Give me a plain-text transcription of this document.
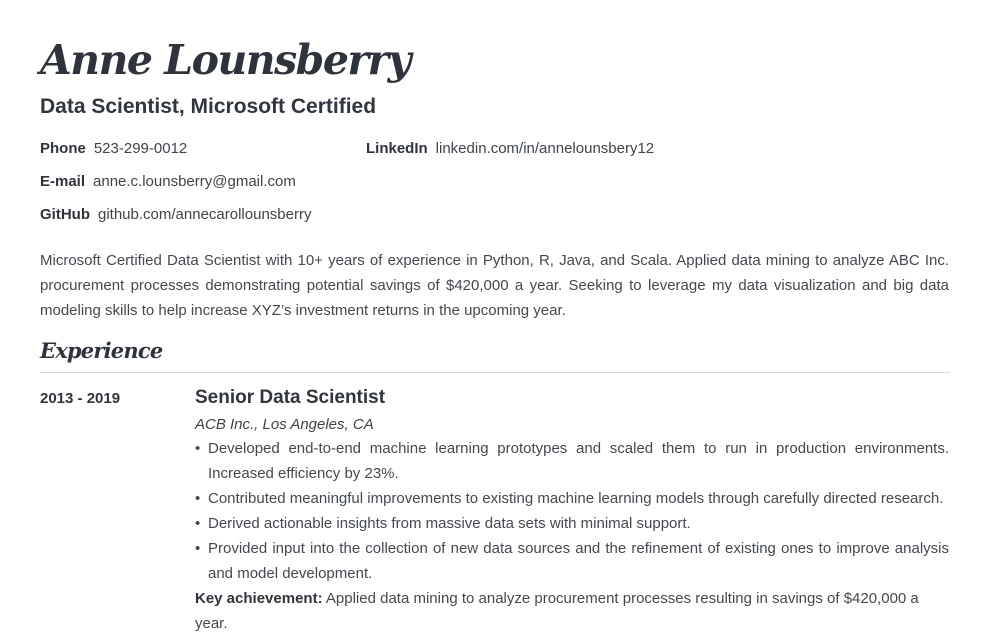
Anne Lounsberry
Data Scientist, Microsoft Certified
Phone 523-299-0012	LinkedIn linkedin.com/in/annelounsbery12
E-mail anne.c.lounsberry@gmail.com
GitHub github.com/annecarollounsberry

Microsoft Certified Data Scientist with 10+ years of experience in Python, R, Java, and Scala. Applied data mining to analyze ABC Inc. procurement processes demonstrating potential savings of $420,000 a year. Seeking to leverage my data visualization and big data modeling skills to help increase XYZ’s investment returns in the upcoming year.

Experience
2013 - 2019	Senior Data Scientist
ACB Inc., Los Angeles, CA
• Developed end-to-end machine learning prototypes and scaled them to run in production environments. Increased efficiency by 23%.
• Contributed meaningful improvements to existing machine learning models through carefully directed research.
• Derived actionable insights from massive data sets with minimal support.
• Provided input into the collection of new data sources and the refinement of existing ones to improve analysis and model development.
Key achievement: Applied data mining to analyze procurement processes resulting in savings of $420,000 a year.
